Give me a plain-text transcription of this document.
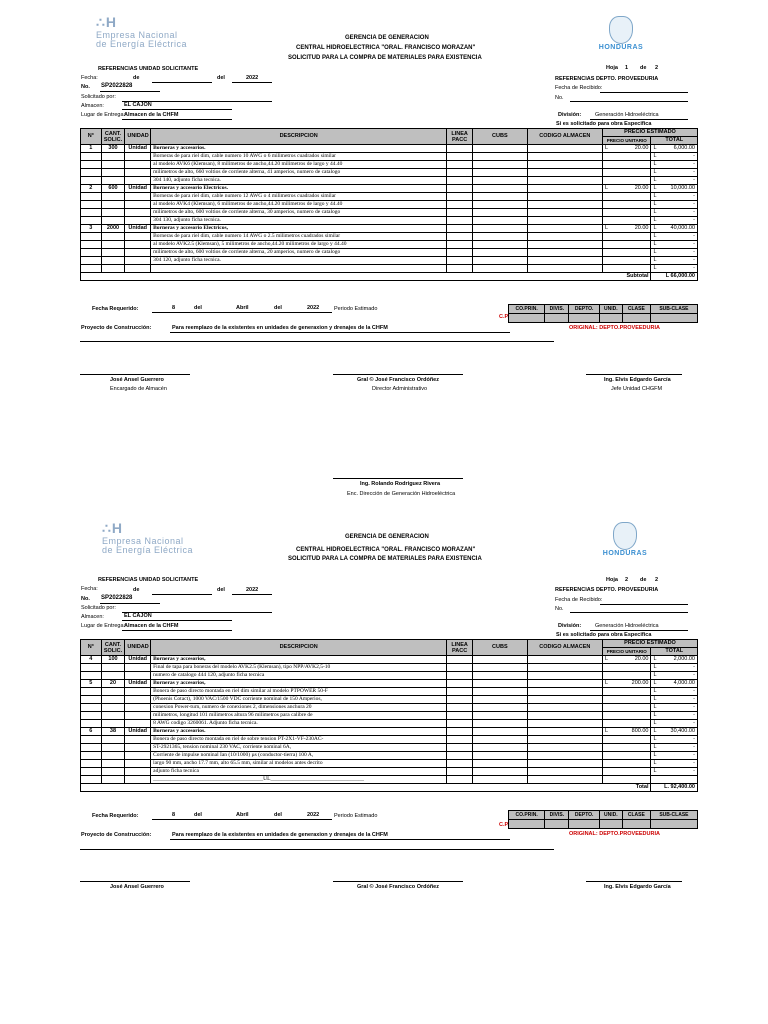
∴H
Empresa Nacional
de Energía Eléctrica	HONDURAS
GERENCIA DE GENERACION
CENTRAL HIDROELECTRICA "ORAL. FRANCISCO MORAZAN"
SOLICITUD PARA LA COMPRA DE MATERIALES PARA EXISTENCIA
REFERENCIAS UNIDAD SOLICITANTE
Fecha:	de	del	2022
No. SP2022828
Solicitado por:
Almacen:	EL CAJON
Lugar de Entrega:
Almacen de la CHFM
Hoja 1 de 2
REFERENCIAS DEPTO. PROVEEDURIA
Fecha de Recibido:
No.
División:	Generación Hidroeléctrica
Si es solicitado para obra Especifica
N°	CANT. SOLIC.	UNIDAD	DESCRIPCION	LINEA PACC	CUBS	CODIGO ALMACEN	PRECIO ESTIMADO	
							PRECIO UNITARIO	TOTAL
1	300	Unidad	Borneras y accesorios.				L 20.00	L 6,000.00

			Borneras de para riel dim, cable numero 10 AWG o 6 milimetros cuadrados similar					L -

			al modelo AVK6 (Klemsan), 8 milimetros de ancho,44.20 milimetros de largo y 44.40					L -

			milimetros de alto, 660 voltios de corriente alterna, 41 amperios, numero de catalogo					L -

			304 140, adjunto ficha tecnica.					L -

2	600	Unidad	Borneras y accesorio Electricos.				L 20.00	L 10,000.00

			Borneras de para riel dim, cable numero 12 AWG o 4 milimetros cuadrados similar					L -

			al modelo AVK4 (Klemsan), 6 milimetros de ancho,44.20 milimetros de largo y 44.40					L -

			milimetros de alto, 600 voltios de corriente alterna, 30 amperios, numero de catalogo					L -

			304 130, adjunto ficha tecnica.					L -

3	2000	Unidad	Borneras y accesorio Electricos,				L 20.00	L 40,000.00

			Borneras de para riel dim, cable numero 14 AWG o 2.5 milimetros cuadrados similar					L -

			al modelo AVK2.5 (Klemsan), 5 milimetros de ancho,44.20 milimetros de largo y 44.40					L -

			milimetros de alto, 600 voltios de corriente alterna, 20 amperios, numero de catalogo					L -

			304 120, adjunto ficha tecnica.					L -

								L -

Subtotal								L 66,000.00
Fecha Requerido:	8	del	Abril	del	2022	Periodo Estimado
C.P.
CO.PRIN.	DIVIS.	DEPTO.	UNID.	CLASE	SUB-CLASE

Proyecto de Construcción:	Para reemplazo de la existentes en unidades de generaxion y drenajes de la CHFM	ORIGINAL: DEPTO.PROVEEDURIA
José Ansel Guerrero
Encargado de Almacén
Gral © José Francisco Ordóñez
Director Administrativo
Ing. Elvis Edgardo García
Jefe Unidad CHGFM
Ing. Rolando Rodriguez Rivera
Enc. Dirección de Generación Hidroeléctrica
∴H
Empresa Nacional
de Energía Eléctrica	HONDURAS
GERENCIA DE GENERACION
CENTRAL HIDROELECTRICA "ORAL. FRANCISCO MORAZAN"
SOLICITUD PARA LA COMPRA DE MATERIALES PARA EXISTENCIA
REFERENCIAS UNIDAD SOLICITANTE
Fecha:	de	del	2022
No. SP2022828
Solicitado por:
Almacen:	EL CAJON
Lugar de Entrega:
Almacen de la CHFM
Hoja 2 de 2
REFERENCIAS DEPTO. PROVEEDURIA
Fecha de Recibido:
No.
División:	Generación Hidroeléctrica
Si es solicitado para obra Especifica
N°	CANT. SOLIC.	UNIDAD	DESCRIPCION	LINEA PACC	CUBS	CODIGO ALMACEN	PRECIO ESTIMADO	
							PRECIO UNITARIO	TOTAL
4	100	Unidad	Borneras y accesorios,				L 20.00	L 2,000.00

			Final de tapa para boneras del modelo AVK2.5 (Klemsan), tipo NPP/AVK2,5-10					L -

			numero de catalogo 444 120, adjunto ficha tecnica					L -

5	20	Unidad	Borneras y accesorios,				L 200.00	L 4,000.00

			Bonera de paso directo montada en riel dim similar al modelo PTPOWER 50-F					L -

			(Phoenis Cotact), 1000 VAC/1500 VDC corriente nominal de 150 Amperios,					L -

			conexion Power-turn, numero de conexiones 2, dimensiones anchura 20					L -

			milimetros, longitud 101 milimetros altura 96 milimetros para calibre de					L -

			8 AWG codigo 3260061. Adjunto ficha tecnica.					L -

6	38	Unidad	Borneras y accesorios.				L 800.00	L 30,400.00

			Bonera de paso directo montada en riel de sobre tension PT-2X1-VF-230AC-					L -

			ST-2921365, tension nominal 230 VAC, corriente nominal 6A,					L -

			Corriente de impulse nominal Ian (10/1000) µs (conductor-tierra) 100 A,					L -

			largo 90 mm, ancho 17.7 mm, alto 65.5 mm, similar al modelos antes decrito					L -

			adjunto ficha tecnica					L -

			________________________________________UL__________________________________					

Total								L. 92,400.00
Fecha Requerido:	8	del	Abril	del	2022	Periodo Estimado
C.P.
CO.PRIN.	DIVIS.	DEPTO.	UNID.	CLASE	SUB-CLASE

Proyecto de Construcción:	Para reemplazo de la existentes en unidades de generaxion y drenajes de la CHFM	ORIGINAL: DEPTO.PROVEEDURIA
José Ansel Guerrero	Gral © José Francisco Ordóñez	Ing. Elvis Edgardo García
